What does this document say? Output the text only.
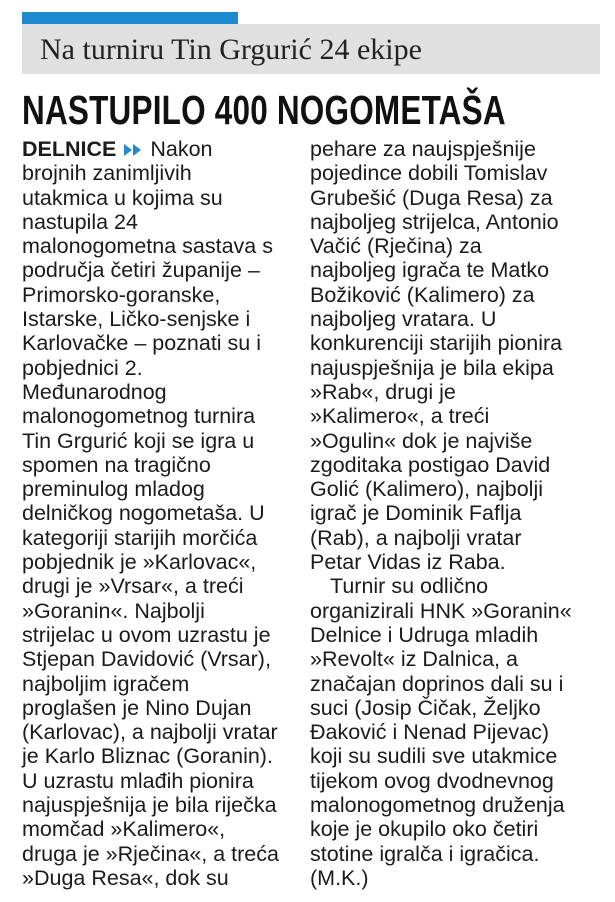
Na turniru Tin Grgurić 24 ekipe
NASTUPILO 400 NOGOMETAŠA
DELNICE Nakon
brojnih zanimljivih
utakmica u kojima su
nastupila 24
malonogometna sastava s
područja četiri županije –
Primorsko-goranske,
Istarske, Ličko-senjske i
Karlovačke – poznati su i
pobjednici 2.
Međunarodnog
malonogometnog turnira
Tin Grgurić koji se igra u
spomen na tragično
preminulog mladog
delničkog nogometaša. U
kategoriji starijih morčića
pobjednik je »Karlovac«,
drugi je »Vrsar«, a treći
»Goranin«. Najbolji
strijelac u ovom uzrastu je
Stjepan Davidović (Vrsar),
najboljim igračem
proglašen je Nino Dujan
(Karlovac), a najbolji vratar
je Karlo Bliznac (Goranin).
U uzrastu mlađih pionira
najuspješnija je bila riječka
momčad »Kalimero«,
druga je »Rječina«, a treća
»Duga Resa«, dok su
pehare za naujspješnije
pojedince dobili Tomislav
Grubešić (Duga Resa) za
najboljeg strijelca, Antonio
Vačić (Rječina) za
najboljeg igrača te Matko
Božiković (Kalimero) za
najboljeg vratara. U
konkurenciji starijih pionira
najuspješnija je bila ekipa
»Rab«, drugi je
»Kalimero«, a treći
»Ogulin« dok je najviše
zgoditaka postigao David
Golić (Kalimero), najbolji
igrač je Dominik Faflja
(Rab), a najbolji vratar
Petar Vidas iz Raba.
Turnir su odlično
organizirali HNK »Goranin«
Delnice i Udruga mladih
»Revolt« iz Dalnica, a
značajan doprinos dali su i
suci (Josip Čičak, Željko
Đaković i Nenad Pijevac)
koji su sudili sve utakmice
tijekom ovog dvodnevnog
malonogometnog druženja
koje je okupilo oko četiri
stotine igralča i igračica.
(M.K.)
